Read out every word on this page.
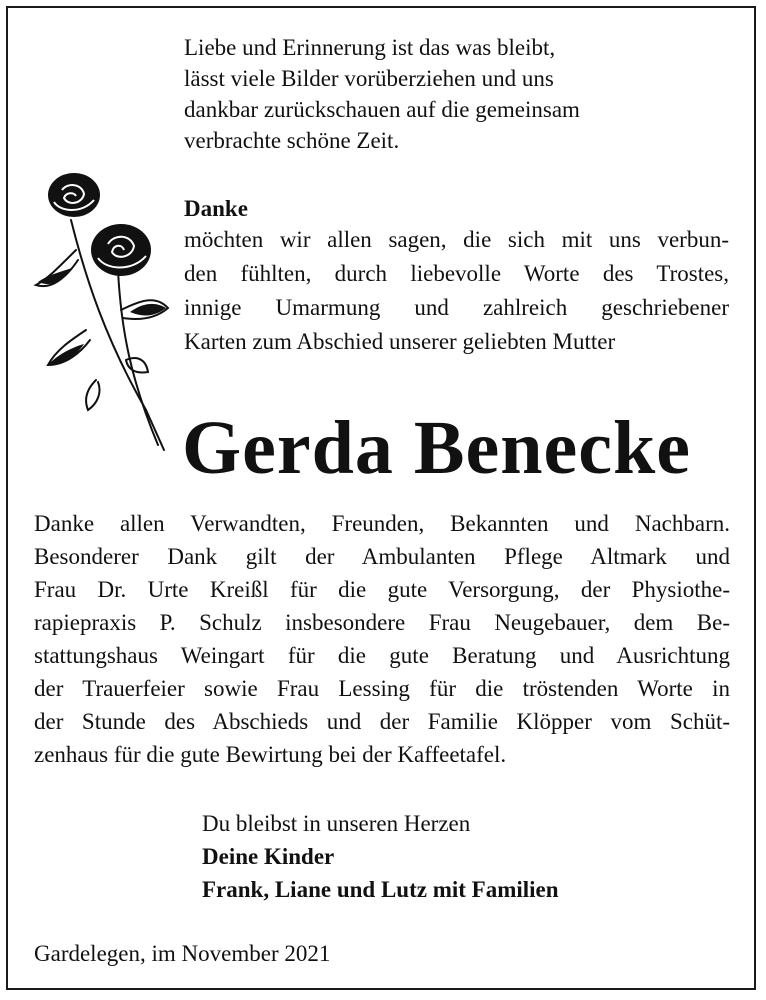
Liebe und Erinnerung ist das was bleibt,
lässt viele Bilder vorüberziehen und uns
dankbar zurückschauen auf die gemeinsam
verbrachte schöne Zeit.
Danke
möchten wir allen sagen, die sich mit uns verbun-
den fühlten, durch liebevolle Worte des Trostes,
innige Umarmung und zahlreich geschriebener
Karten zum Abschied unserer geliebten Mutter
Gerda Benecke
Danke allen Verwandten, Freunden, Bekannten und Nachbarn.
Besonderer Dank gilt der Ambulanten Pflege Altmark und
Frau Dr. Urte Kreißl für die gute Versorgung, der Physiothe-
rapiepraxis P. Schulz insbesondere Frau Neugebauer, dem Be-
stattungshaus Weingart für die gute Beratung und Ausrichtung
der Trauerfeier sowie Frau Lessing für die tröstenden Worte in
der Stunde des Abschieds und der Familie Klöpper vom Schüt-
zenhaus für die gute Bewirtung bei der Kaffeetafel.
Du bleibst in unseren Herzen
Deine Kinder
Frank, Liane und Lutz mit Familien
Gardelegen, im November 2021
